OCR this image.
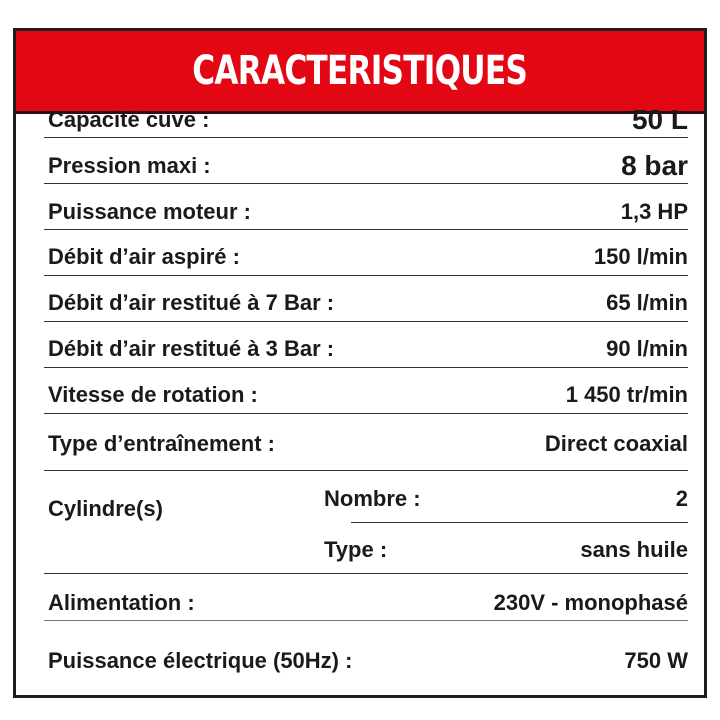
CARACTERISTIQUES
Capacité cuve :	50 L
Pression maxi :	8 bar
Puissance moteur :	1,3 HP
Débit d’air aspiré :	150 l/min
Débit d’air restitué à 7 Bar :	65 l/min
Débit d’air restitué à 3 Bar :	90 l/min
Vitesse de rotation :	1 450 tr/min
Type d’entraînement :	Direct coaxial
Cylindre(s)	Nombre :	2
Type :	sans huile
Alimentation :	230V - monophasé
Puissance électrique (50Hz) :	750 W
